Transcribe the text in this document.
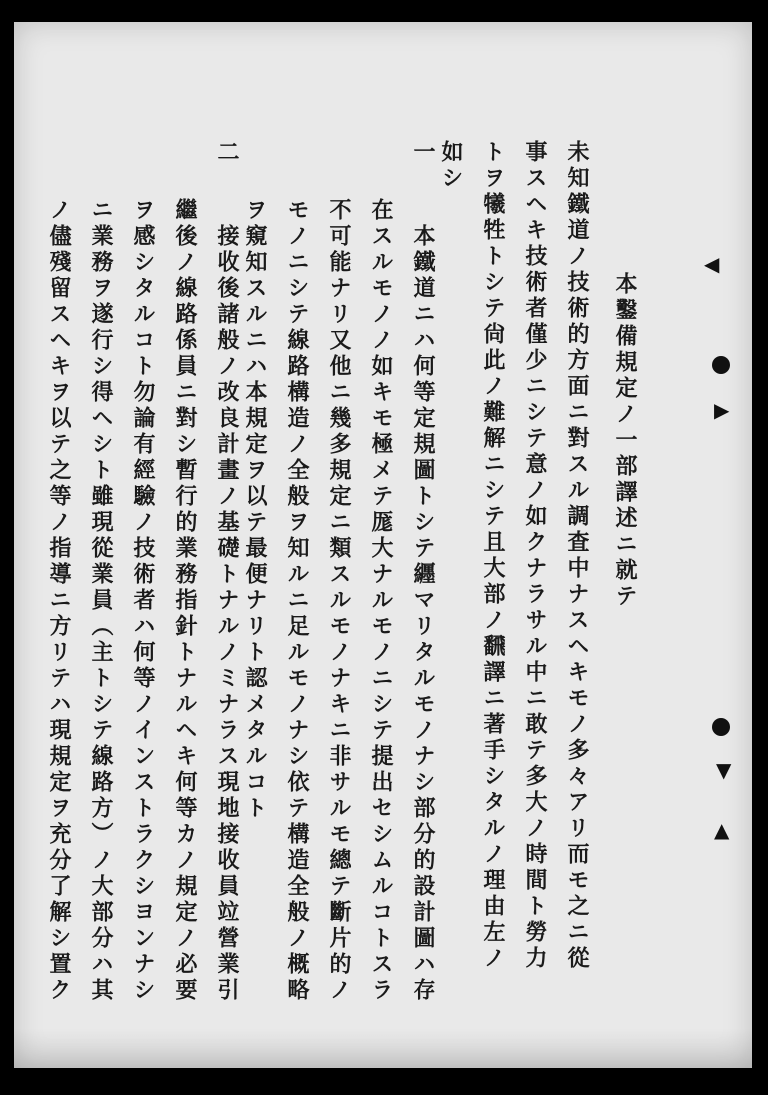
本鑿備規定ノ一部譯述ニ就テ
未知鐵道ノ技術的方面ニ對スル調査中ナスヘキモノ多々アリ而モ之ニ從
事スヘキ技術者僅少ニシテ意ノ如クナラサル中ニ敢テ多大ノ時間ト勞力
トヲ犧牲トシテ尙此ノ難解ニシテ且大部ノ飜譯ニ著手シタルノ理由左ノ
如シ
一
本鐵道ニハ何等定規圖トシテ纒マリタルモノナシ部分的設計圖ハ存
在スルモノノ如キモ極メテ厖大ナルモノニシテ提出セシムルコトスラ
不可能ナリ又他ニ幾多規定ニ類スルモノナキニ非サルモ總テ斷片的ノ
モノニシテ線路構造ノ全般ヲ知ルニ足ルモノナシ依テ構造全般ノ概略
ヲ窺知スルニハ本規定ヲ以テ最便ナリト認メタルコト
二
接收後諸般ノ改良計畫ノ基礎トナルノミナラス現地接收員竝營業引
繼後ノ線路係員ニ對シ暫行的業務指針トナルヘキ何等カノ規定ノ必要
ヲ感シタルコト勿論有經驗ノ技術者ハ何等ノインストラクシヨンナシ
ニ業務ヲ遂行シ得ヘシト雖現從業員（主トシテ線路方）ノ大部分ハ其
ノ儘殘留スヘキヲ以テ之等ノ指導ニ方リテハ現規定ヲ充分了解シ置ク	◀
▶
▼
▲
